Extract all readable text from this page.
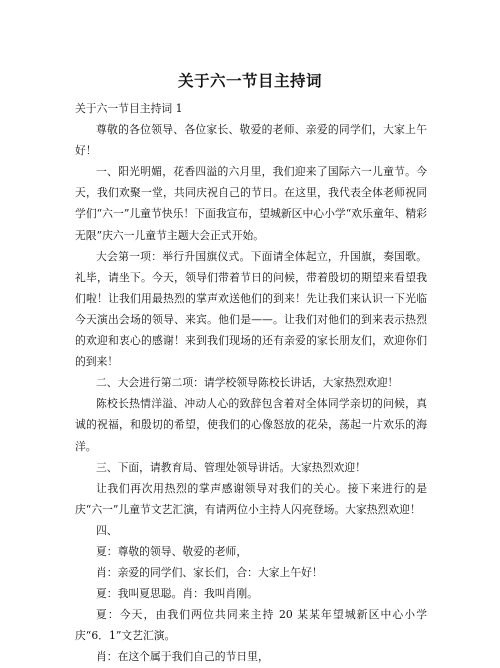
关于六一节目主持词

关于六一节目主持词 1

尊敬的各位领导、各位家长、敬爱的老师、亲爱的同学们，大家上午好！

一、阳光明媚，花香四溢的六月里，我们迎来了国际六一儿童节。今天，我们欢聚一堂，共同庆祝自己的节日。在这里，我代表全体老师祝同学们“六一”儿童节快乐！下面我宣布，望城新区中心小学“欢乐童年、精彩无限”庆六一儿童节主题大会正式开始。

大会第一项：举行升国旗仪式。下面请全体起立，升国旗，奏国歌。礼毕，请坐下。今天，领导们带着节日的问候，带着殷切的期望来看望我们啦！让我们用最热烈的掌声欢送他们的到来！先让我们来认识一下光临今天演出会场的领导、来宾。他们是——。让我们对他们的到来表示热烈的欢迎和衷心的感谢！来到我们现场的还有亲爱的家长朋友们，欢迎你们的到来！

二、大会进行第二项：请学校领导陈校长讲话，大家热烈欢迎！

陈校长热情洋溢、冲动人心的致辞包含着对全体同学亲切的问候，真诚的祝福，和殷切的希望，使我们的心像怒放的花朵，荡起一片欢乐的海洋。

三、下面，请教育局、管理处领导讲话。大家热烈欢迎！

让我们再次用热烈的掌声感谢领导对我们的关心。接下来进行的是庆“六一”儿童节文艺汇演，有请两位小主持人闪亮登场。大家热烈欢迎！

四、

夏：尊敬的领导、敬爱的老师，

肖：亲爱的同学们、家长们，合：大家上午好！

夏：我叫夏思聪。肖：我叫肖刚。

夏：今天，由我们两位共同来主持 20 某某年望城新区中心小学庆“6．1”文艺汇演。

肖：在这个属于我们自己的节日里，
